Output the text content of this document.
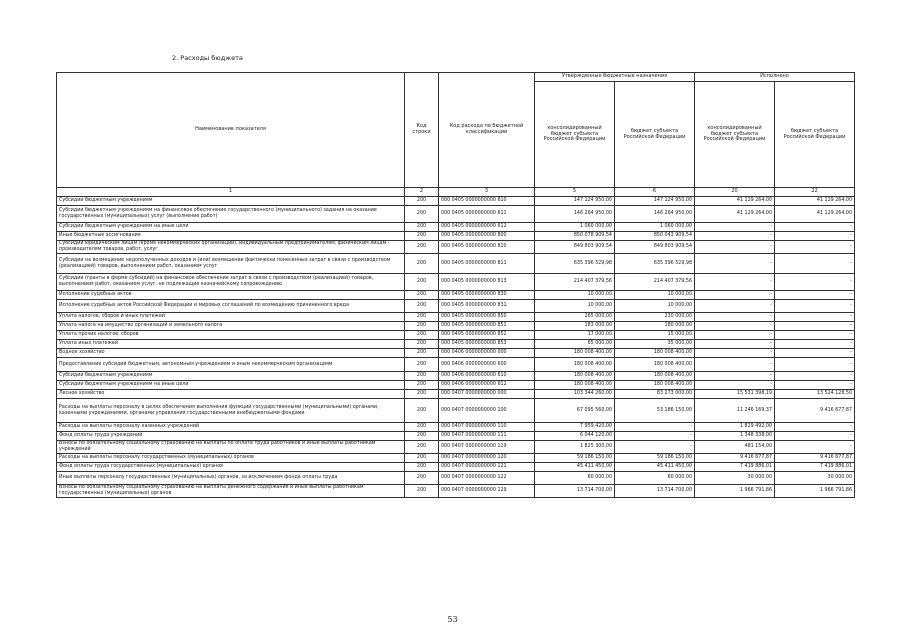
2. Расходы бюджета
Наименование показателя	Код строки	Код расхода по бюджетной классификации	Утвержденные бюджетные назначения		Исполнено	
			консолидированный бюджет субъекта Российской Федерации	бюджет субъекта Российской Федерации	консолидированный бюджет субъекта Российской Федерации	бюджет субъекта Российской Федерации
1	2	3	5	6	20	22
Субсидии бюджетным учреждениям	200	000 0405 0000000000 610	147 124 950,00	147 124 950,00	41 129 264,00	41 129 264,00
Субсидии бюджетным учреждениям на финансовое обеспечение государственного (муниципального) задания на оказание государственных (муниципальных) услуг (выполнение работ)	200	000 0405 0000000000 611	146 264 950,00	146 264 950,00	41 129 264,00	41 129 264,00
Субсидии бюджетным учреждениям на иные цели	200	000 0405 0000000000 612	1 060 000,00	1 060 000,00	-	-
Иные бюджетные ассигнования	200	000 0405 0000000000 800	850 078 909,54	850 043 909,54	-	-
Субсидии юридическим лицам (кроме некоммерческих организаций), индивидуальным предпринимателям, физическим лицам - производителям товаров, работ, услуг	200	000 0405 0000000000 810	849 803 909,54	849 803 909,54	-	-
Субсидии на возмещение недополученных доходов и (или) возмещение фактически понесенных затрат в связи с производством (реализацией) товаров, выполнением работ, оказанием услуг	200	000 0405 0000000000 811	635 396 529,98	635 396 529,98	-	-
Субсидии (гранты в форме субсидий) на финансовое обеспечение затрат в связи с производством (реализацией) товаров, выполнением работ, оказанием услуг, не подлежащие казначейскому сопровождению	200	000 0405 0000000000 813	214 407 379,56	214 407 379,56	-	-
Исполнение судебных актов	200	000 0405 0000000000 830	10 000,00	10 000,00	-	-
Исполнение судебных актов Российской Федерации и мировых соглашений по возмещению причиненного вреда	200	000 0405 0000000000 831	10 000,00	10 000,00	-	-
Уплата налогов, сборов и иных платежей	200	000 0405 0000000000 850	265 000,00	230 000,00	-	-
Уплата налога на имущество организаций и земельного налога	200	000 0405 0000000000 851	183 000,00	180 000,00	-	-
Уплата прочих налогов, сборов	200	000 0405 0000000000 852	17 000,00	15 000,00	-	-
Уплата иных платежей	200	000 0405 0000000000 853	65 000,00	35 000,00	-	-
Водное хозяйство	200	000 0406 0000000000 000	180 008 400,00	180 008 400,00	-	-
Предоставление субсидий бюджетным, автономным учреждениям и иным некоммерческим организациям	200	000 0406 0000000000 600	180 008 400,00	180 008 400,00	-	-
Субсидии бюджетным учреждениям	200	000 0406 0000000000 610	180 008 400,00	180 008 400,00	-	-
Субсидии бюджетным учреждениям на иные цели	200	000 0406 0000000000 612	180 008 400,00	180 008 400,00	-	-
Лесное хозяйство	200	000 0407 0000000000 000	103 344 260,00	83 273 000,00	15 531 398,19	13 524 128,50
Расходы на выплаты персоналу в целях обеспечения выполнения функций государственными (муниципальными) органами, казенными учреждениями, органами управления государственными внебюджетными фондами	200	000 0407 0000000000 100	67 095 560,00	53 186 150,00	11 246 169,37	9 416 677,87
Расходы на выплаты персоналу казенных учреждений	200	000 0407 0000000000 110	7 959 420,00	-	1 829 492,00	-
Фонд оплаты труда учреждений	200	000 0407 0000000000 111	6 044 120,00	-	1 348 338,00	-
Взносы по обязательному социальному страхованию на выплаты по оплате труда работников и иные выплаты работникам учреждений	200	000 0407 0000000000 119	1 825 300,00	-	481 154,00	-
Расходы на выплаты персоналу государственных (муниципальных) органов	200	000 0407 0000000000 120	59 186 150,00	59 186 150,00	9 416 677,87	9 416 677,87
Фонд оплаты труда государственных (муниципальных) органов	200	000 0407 0000000000 121	45 411 450,00	45 411 450,00	7 419 886,01	7 419 886,01
Иные выплаты персоналу государственных (муниципальных) органов, за исключением фонда оплаты труда	200	000 0407 0000000000 122	60 000,00	60 000,00	30 000,00	30 000,00
Взносы по обязательному социальному страхованию на выплаты денежного содержания и иные выплаты работникам государственных (муниципальных) органов	200	000 0407 0000000000 129	13 714 700,00	13 714 700,00	1 966 791,86	1 966 791,86
53
